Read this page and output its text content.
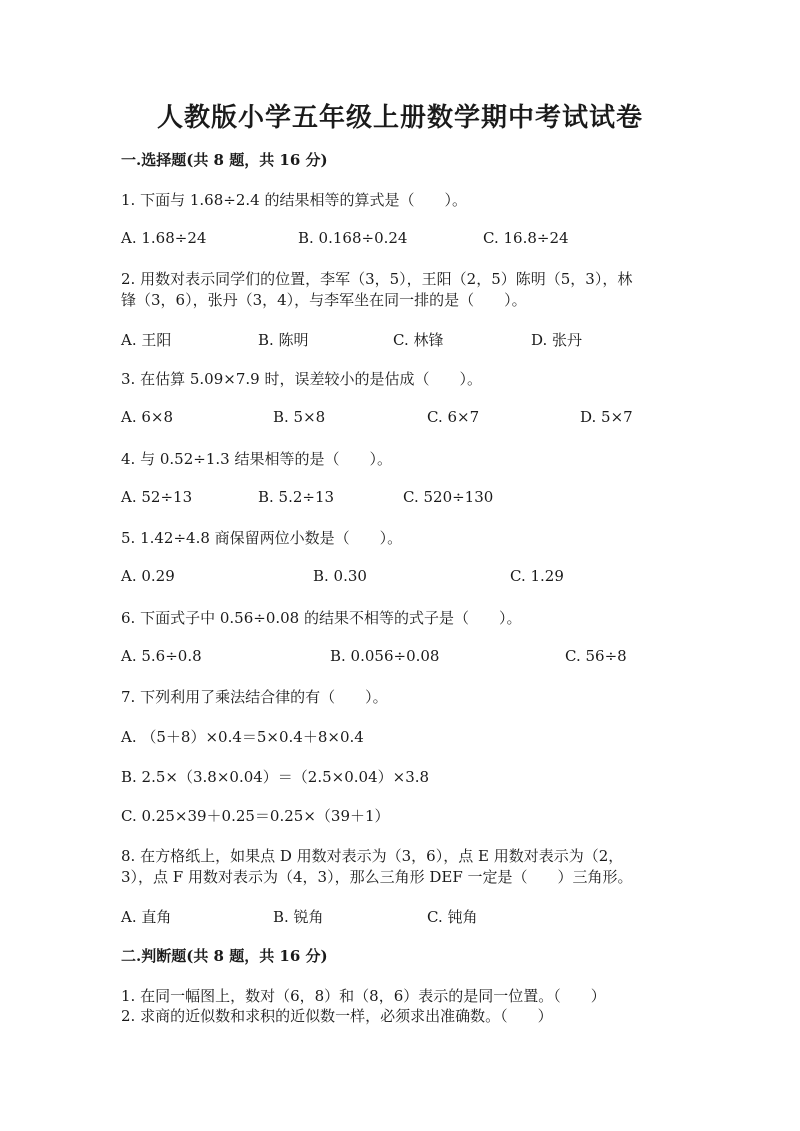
人教版小学五年级上册数学期中考试试卷
一.选择题(共 8 题，共 16 分)
1. 下面与 1.68÷2.4 的结果相等的算式是（　　）。
A. 1.68÷24	B. 0.168÷0.24	C. 16.8÷24
2. 用数对表示同学们的位置，李军（3，5），王阳（2，5）陈明（5，3），林
锋（3，6），张丹（3，4），与李军坐在同一排的是（　　）。
A. 王阳	B. 陈明	C. 林锋	D. 张丹
3. 在估算 5.09×7.9 时，误差较小的是估成（　　）。
A. 6×8	B. 5×8	C. 6×7	D. 5×7
4. 与 0.52÷1.3 结果相等的是（　　）。
A. 52÷13	B. 5.2÷13	C. 520÷130
5. 1.42÷4.8 商保留两位小数是（　　）。
A. 0.29	B. 0.30	C. 1.29
6. 下面式子中 0.56÷0.08 的结果不相等的式子是（　　）。
A. 5.6÷0.8	B. 0.056÷0.08	C. 56÷8
7. 下列利用了乘法结合律的有（　　）。
A. （5＋8）×0.4＝5×0.4＋8×0.4
B. 2.5×（3.8×0.04）＝（2.5×0.04）×3.8
C. 0.25×39＋0.25＝0.25×（39＋1）
8. 在方格纸上，如果点 D 用数对表示为（3，6），点 E 用数对表示为（2，
3），点 F 用数对表示为（4，3），那么三角形 DEF 一定是（　　）三角形。
A. 直角	B. 锐角	C. 钝角
二.判断题(共 8 题，共 16 分)
1. 在同一幅图上，数对（6，8）和（8，6）表示的是同一位置。（　　）
2. 求商的近似数和求积的近似数一样，必须求出准确数。（　　）
